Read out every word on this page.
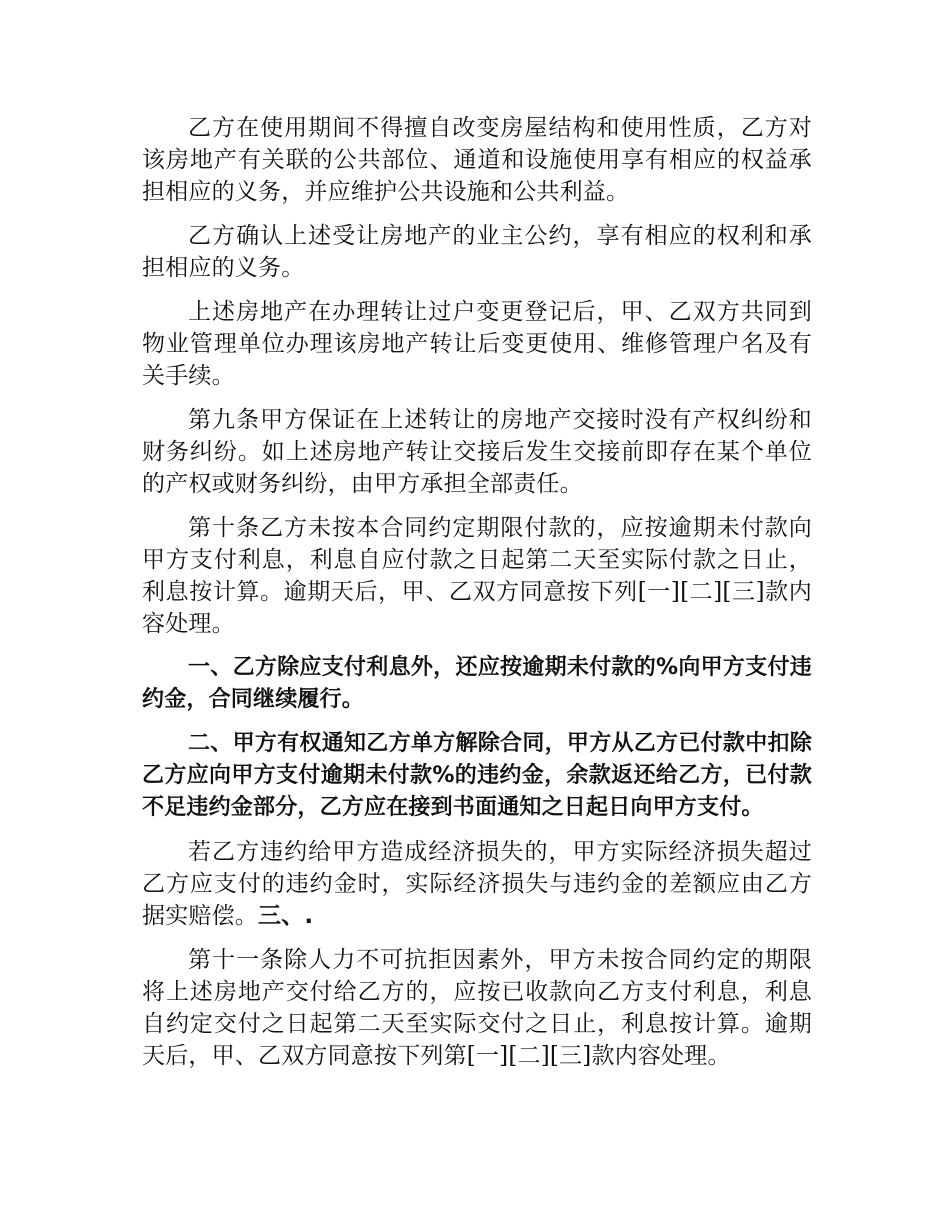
乙方在使用期间不得擅自改变房屋结构和使用性质，乙方对该房地产有关联的公共部位、通道和设施使用享有相应的权益承担相应的义务，并应维护公共设施和公共利益。

乙方确认上述受让房地产的业主公约，享有相应的权利和承担相应的义务。

上述房地产在办理转让过户变更登记后，甲、乙双方共同到物业管理单位办理该房地产转让后变更使用、维修管理户名及有关手续。

第九条甲方保证在上述转让的房地产交接时没有产权纠纷和财务纠纷。如上述房地产转让交接后发生交接前即存在某个单位的产权或财务纠纷，由甲方承担全部责任。

第十条乙方未按本合同约定期限付款的，应按逾期未付款向甲方支付利息，利息自应付款之日起第二天至实际付款之日止，利息按计算。逾期天后，甲、乙双方同意按下列[一][二][三]款内容处理。

一、乙方除应支付利息外，还应按逾期未付款的%向甲方支付违约金，合同继续履行。

二、甲方有权通知乙方单方解除合同，甲方从乙方已付款中扣除乙方应向甲方支付逾期未付款%的违约金，余款返还给乙方，已付款不足违约金部分，乙方应在接到书面通知之日起日向甲方支付。

若乙方违约给甲方造成经济损失的，甲方实际经济损失超过乙方应支付的违约金时，实际经济损失与违约金的差额应由乙方据实赔偿。三、.

第十一条除人力不可抗拒因素外，甲方未按合同约定的期限将上述房地产交付给乙方的，应按已收款向乙方支付利息，利息自约定交付之日起第二天至实际交付之日止，利息按计算。逾期天后，甲、乙双方同意按下列第[一][二][三]款内容处理。
